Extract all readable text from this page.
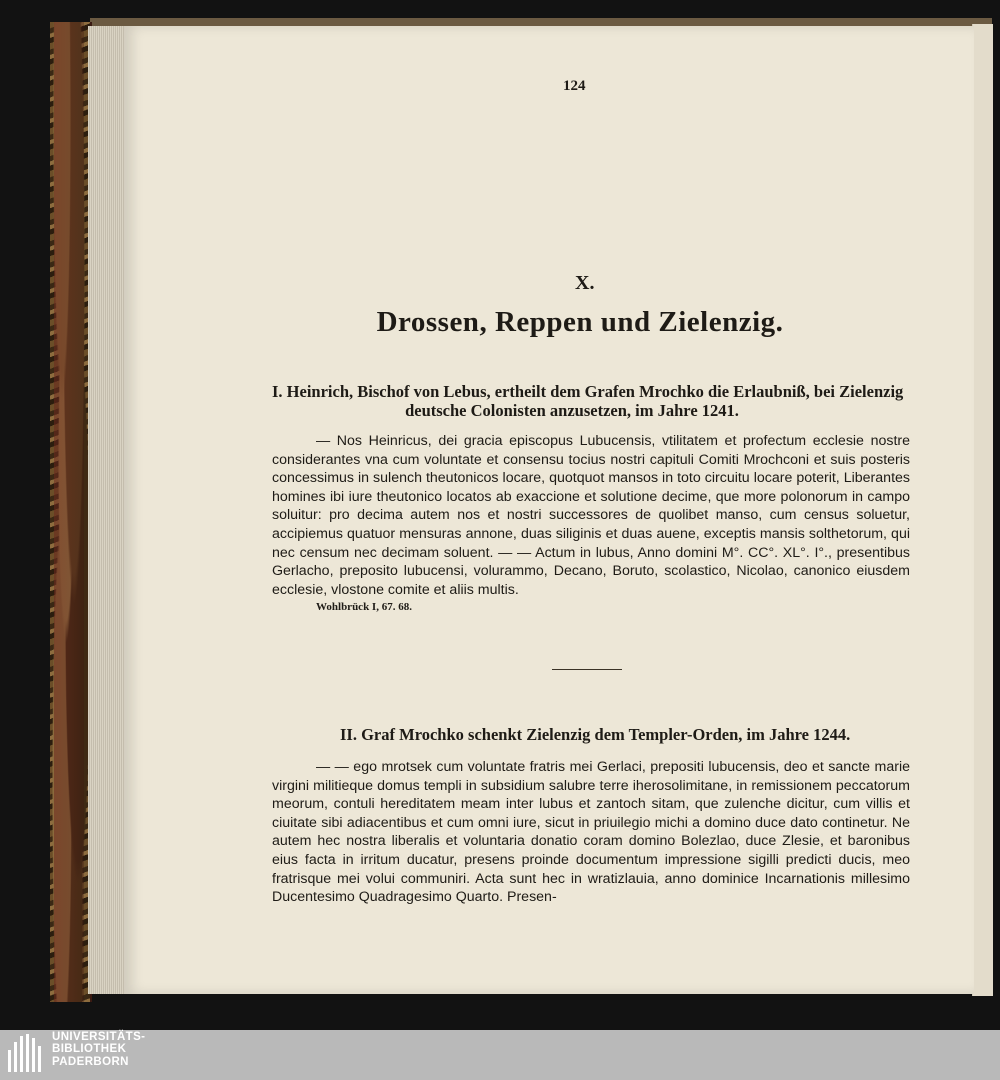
124
X.
Drossen, Reppen und Zielenzig.
I. Heinrich, Bischof von Lebus, ertheilt dem Grafen Mrochko die Erlaubniß, bei Zielenzig
deutsche Colonisten anzusetzen, im Jahre 1241.
— Nos Heinricus, dei gracia episcopus Lubucensis, vtilitatem et profectum ecclesie nostre considerantes vna cum voluntate et consensu tocius nostri capituli Comiti Mrochconi et suis posteris concessimus in sulench theutonicos locare, quotquot mansos in toto circuitu locare poterit, Liberantes homines ibi iure theutonico locatos ab exaccione et solutione decime, que more polonorum in campo soluitur: pro decima autem nos et nostri successores de quolibet manso, cum census soluetur, accipiemus quatuor mensuras annone, duas siliginis et duas auene, exceptis mansis solthetorum, qui nec censum nec decimam soluent. — — Actum in lubus, Anno domini M°. CC°. XL°. I°., presentibus Gerlacho, preposito lubucensi, volurammo, Decano, Boruto, scolastico, Nicolao, canonico eiusdem ecclesie, vlostone comite et aliis multis.
Wohlbrück I, 67. 68.
II. Graf Mrochko schenkt Zielenzig dem Templer-Orden, im Jahre 1244.
— — ego mrotsek cum voluntate fratris mei Gerlaci, prepositi lubucensis, deo et sancte marie virgini militieque domus templi in subsidium salubre terre iherosolimitane, in remissionem peccatorum meorum, contuli hereditatem meam inter lubus et zantoch sitam, que zulenche dicitur, cum villis et ciuitate sibi adiacentibus et cum omni iure, sicut in priuilegio michi a domino duce dato continetur. Ne autem hec nostra liberalis et voluntaria donatio coram domino Bolezlao, duce Zlesie, et baronibus eius facta in irritum ducatur, presens proinde documentum impressione sigilli predicti ducis, meo fratrisque mei volui communiri. Acta sunt hec in wratizlauia, anno dominice Incarnationis millesimo Ducentesimo Quadragesimo Quarto. Presen-
UNIVERSITÄTS-
BIBLIOTHEK
PADERBORN
